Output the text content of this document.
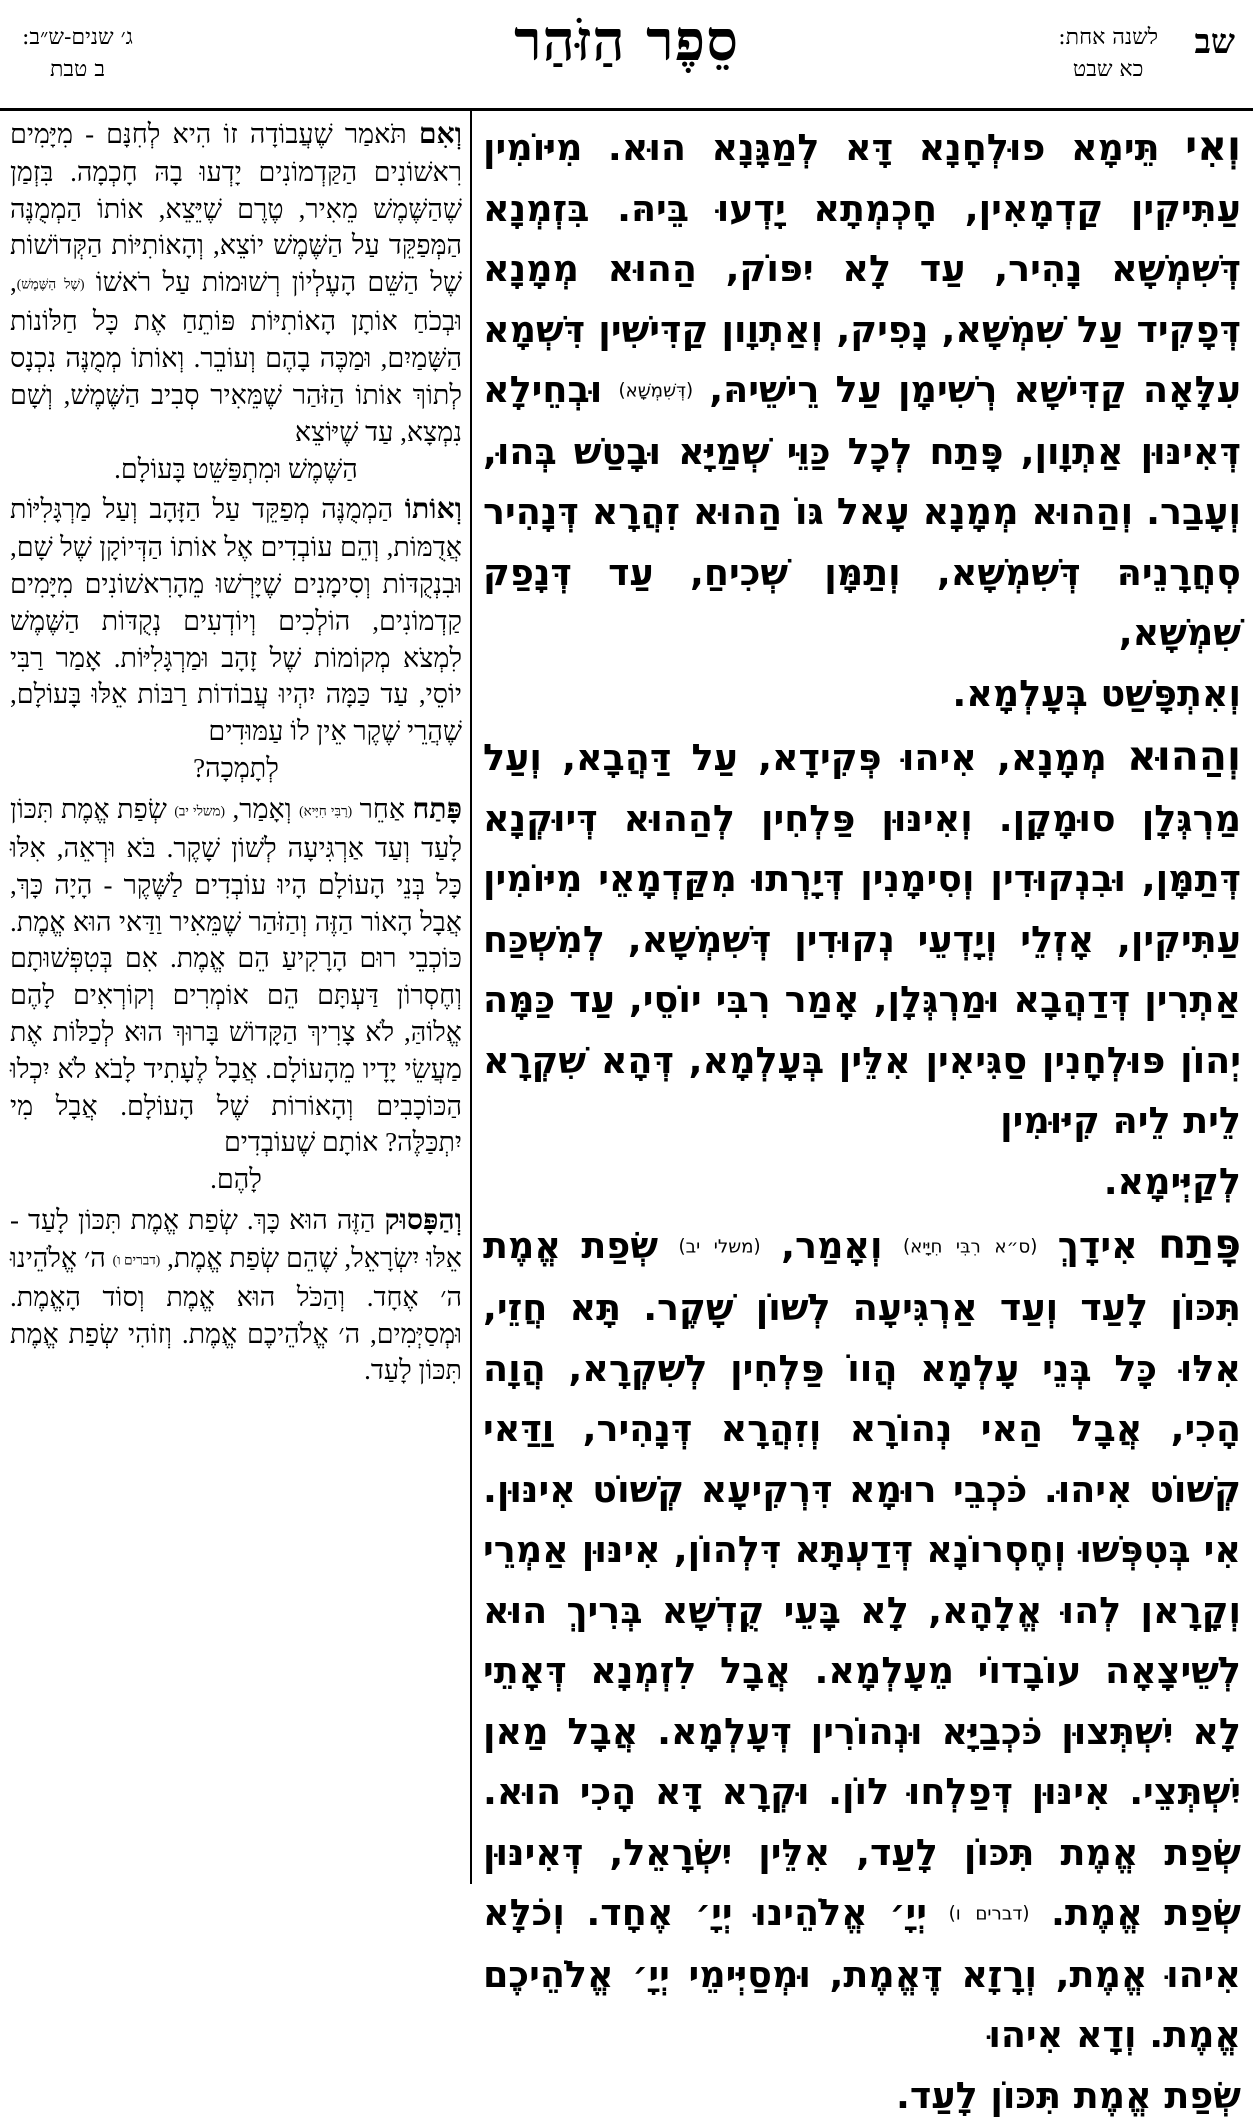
שב
לשנה אחת:
כא שבט
סֵפֶר הַזֹּהַר
ג׳ שנים-ש״ב:
ב טבת

וְאִי תֵּימָא פוּלְחָנָא דָּא לְמַגָּנָא הוּא. מִיּוֹמִין עַתִּיקִין קַדְמָאִין, חָכְמְתָא יָדְעוּ בֵּיהּ. בִּזְמְנָא דְּשִׁמְשָׁא נָהִיר, עַד לָא יִפּוֹק, הַהוּא מְמָנָא דְּפָקִיד עַל שִׁמְשָׁא, נָפִיק, וְאַתְוָון קַדִּישִׁין דִּשְׁמָא עִלָּאָה קַדִּישָׁא רְשִׁימָן עַל רֵישֵׁיהּ, (דְּשִׁמְשָׁא) וּבְחֵילָא דְּאִינּוּן אַתְוָון, פָּתַח לְכָל כַּוֵּי שְׁמַיָּא וּבָטַשׁ בְּהוּ, וְעָבַר. וְהַהוּא מְמָנָא עָאל גּוֹ הַהוּא זִהֲרָא דְּנָהִיר סְחֲרָנֵיהּ דְּשִׁמְשָׁא, וְתַמָּן שְׁכִיחַ, עַד דְּנָפַק שִׁמְשָׁא,
וְאִתְפָּשַׁט בְּעָלְמָא.

וְהַהוּא מְמָנָא, אִיהוּ פְּקִידָא, עַל דַּהֲבָא, וְעַל מַרְגְּלָן סוּמָקָן. וְאִינּוּן פַּלְחִין לְהַהוּא דְּיוּקְנָא דְּתַמָּן, וּבִנְקוּדִין וְסִימָנִין דְּיָרְתוּ מִקַּדְמָאֵי מִיּוֹמִין עַתִּיקִין, אָזְלֵי וְיָדְעֵי נְקוּדִין דְּשִׁמְשָׁא, לְמִשְׁכַּח אַתְרִין דְּדַהֲבָא וּמַרְגְּלָן, אָמַר רִבִּי יוֹסֵי, עַד כַּמָּה יְהוֹן פּוּלְחָנִין סַגִּיאִין אִלֵּין בְּעָלְמָא, דְּהָא שִׁקְרָא לֵית לֵיהּ קִיּוּמִין
לְקַיְּימָא.

פָּתַח אִידָךְ (ס״א רִבִּי חִיָּיא) וְאָמַר, (משלי יב) שְׂפַת אֱמֶת תִּכּוֹן לָעַד וְעַד אַרְגִּיעָה לְשׁוֹן שָׁקֶר. תָּא חֲזֵי, אִלּוּ כָּל בְּנֵי עָלְמָא הֲווֹ פַּלְחִין לְשִׁקְרָא, הֲוָה הָכִי, אֲבָל הַאי נְהוֹרָא וְזִהֲרָא דְּנָהִיר, וַדַּאי קְשׁוֹט אִיהוּ. כֹּכְבֵי רוּמָא דִּרְקִיעָא קְשׁוֹט אִינּוּן. אִי בְּטִפְּשׁוּ וְחֶסְרוֹנָא דְּדַעְתָּא דִּלְהוֹן, אִינּוּן אַמְרֵי וְקָרָאן לְהוּ אֱלָהָא, לָא בָּעֵי קֻדְשָׁא בְּרִיךְ הוּא לְשֵׁיצָאָה עוֹבָדוֹי מֵעָלְמָא. אֲבָל לִזְמְנָא דְּאָתֵי לָא יִשְׁתְּצוּן כֹּכְבַיָּא וּנְהוֹרִין דְּעָלְמָא. אֲבָל מַאן יִשְׁתְּצֵי. אִינּוּן דְּפַלְחוּ לוֹן. וּקְרָא דָּא הָכִי הוּא. שְׂפַת אֱמֶת תִּכּוֹן לָעַד, אִלֵּין יִשְׂרָאֵל, דְּאִינּוּן שְׂפַת אֱמֶת. (דברים ו) יְיָ׳ אֱלֹהֵינוּ יְיָ׳ אֶחָד. וְכֹלָּא אִיהוּ אֱמֶת, וְרָזָא דֶּאֱמֶת, וּמְסַיְּימֵי יְיָ׳ אֱלֹהֵיכֶם אֱמֶת. וְדָא אִיהוּ
שְׂפַת אֱמֶת תִּכּוֹן לָעַד.

וְאִם תֹּאמַר שֶׁעֲבוֹדָה זוֹ הִיא לְחִנָּם - מִיָּמִים רִאשׁוֹנִים הַקַּדְמוֹנִים יָדְעוּ בָהּ חָכְמָה. בִּזְמַן שֶׁהַשֶּׁמֶשׁ מֵאִיר, טֶרֶם שֶׁיֵּצֵא, אוֹתוֹ הַמְמֻנֶּה הַמְּפַקֵּד עַל הַשֶּׁמֶשׁ יוֹצֵא, וְהָאוֹתִיּוֹת הַקְּדוֹשׁוֹת שֶׁל הַשֵּׁם הָעֶלְיוֹן רְשׁוּמוֹת עַל רֹאשׁוֹ (שֶׁל הַשֶּׁמֶשׁ), וּבְכֹחַ אוֹתָן הָאוֹתִיּוֹת פּוֹתֵחַ אֶת כָּל חַלּוֹנוֹת הַשָּׁמַיִם, וּמַכֶּה בָהֶם וְעוֹבֵר. וְאוֹתוֹ מְמֻנֶּה נִכְנָס לְתוֹךְ אוֹתוֹ הַזֹּהַר שֶׁמֵּאִיר סְבִיב הַשֶּׁמֶשׁ, וְשָׁם נִמְצָא, עַד שֶׁיּוֹצֵא
הַשֶּׁמֶשׁ וּמִתְפַּשֵּׁט בָּעוֹלָם.

וְאוֹתוֹ הַמְמֻנֶּה מְפַקֵּד עַל הַזָּהָב וְעַל מַרְגָּלִיּוֹת אֲדֻמּוֹת, וְהֵם עוֹבְדִים אֶל אוֹתוֹ הַדְּיוֹקָן שֶׁל שָׁם, וּבִנְקֻדּוֹת וְסִימָנִים שֶׁיָּרְשׁוּ מֵהָרִאשׁוֹנִים מִיָּמִים קַדְמוֹנִים, הוֹלְכִים וְיוֹדְעִים נְקֻדּוֹת הַשֶּׁמֶשׁ לִמְצֹא מְקוֹמוֹת שֶׁל זָהָב וּמַרְגָּלִיּוֹת. אָמַר רַבִּי יוֹסֵי, עַד כַּמָּה יִהְיוּ עֲבוֹדוֹת רַבּוֹת אֵלּוּ בָּעוֹלָם, שֶׁהֲרֵי שֶׁקֶר אֵין לוֹ עַמּוּדִים
לְתָמְכָה?

פָּתַח אַחֵר (רַבִּי חִיָּיא) וְאָמַר, (משלי יב) שְׂפַת אֱמֶת תִּכּוֹן לָעַד וְעַד אַרְגִּיעָה לְשׁוֹן שָׁקֶר. בֹּא וּרְאֵה, אִלּוּ כָּל בְּנֵי הָעוֹלָם הָיוּ עוֹבְדִים לַשֶּׁקֶר - הָיָה כָּךְ, אֲבָל הָאוֹר הַזֶּה וְהַזֹּהַר שֶׁמֵּאִיר וַדַּאי הוּא אֱמֶת. כּוֹכְבֵי רוּם הָרָקִיעַ הֵם אֱמֶת. אִם בְּטִפְּשׁוּתָם וְחֶסְרוֹן דַּעְתָּם הֵם אוֹמְרִים וְקוֹרְאִים לָהֶם אֱלוֹהַּ, לֹא צָרִיךְ הַקָּדוֹשׁ בָּרוּךְ הוּא לְכַלּוֹת אֶת מַעֲשֵׂי יָדָיו מֵהָעוֹלָם. אֲבָל לֶעָתִיד לָבֹא לֹא יִכְלוּ הַכּוֹכָבִים וְהָאוֹרוֹת שֶׁל הָעוֹלָם. אֲבָל מִי יִתְכַּלֶּה? אוֹתָם שֶׁעוֹבְדִים
לָהֶם.

וְהַפָּסוּק הַזֶּה הוּא כָּךְ. שְׂפַת אֱמֶת תִּכּוֹן לָעַד - אֵלּוּ יִשְׂרָאֵל, שֶׁהֵם שְׂפַת אֱמֶת, (דברים ו) ה׳ אֱלֹהֵינוּ ה׳ אֶחָד. וְהַכֹּל הוּא אֱמֶת וְסוֹד הָאֱמֶת. וּמְסַיְּמִים, ה׳ אֱלֹהֵיכֶם אֱמֶת. וְזוֹהִי שְׂפַת אֱמֶת תִּכּוֹן לָעַד.
